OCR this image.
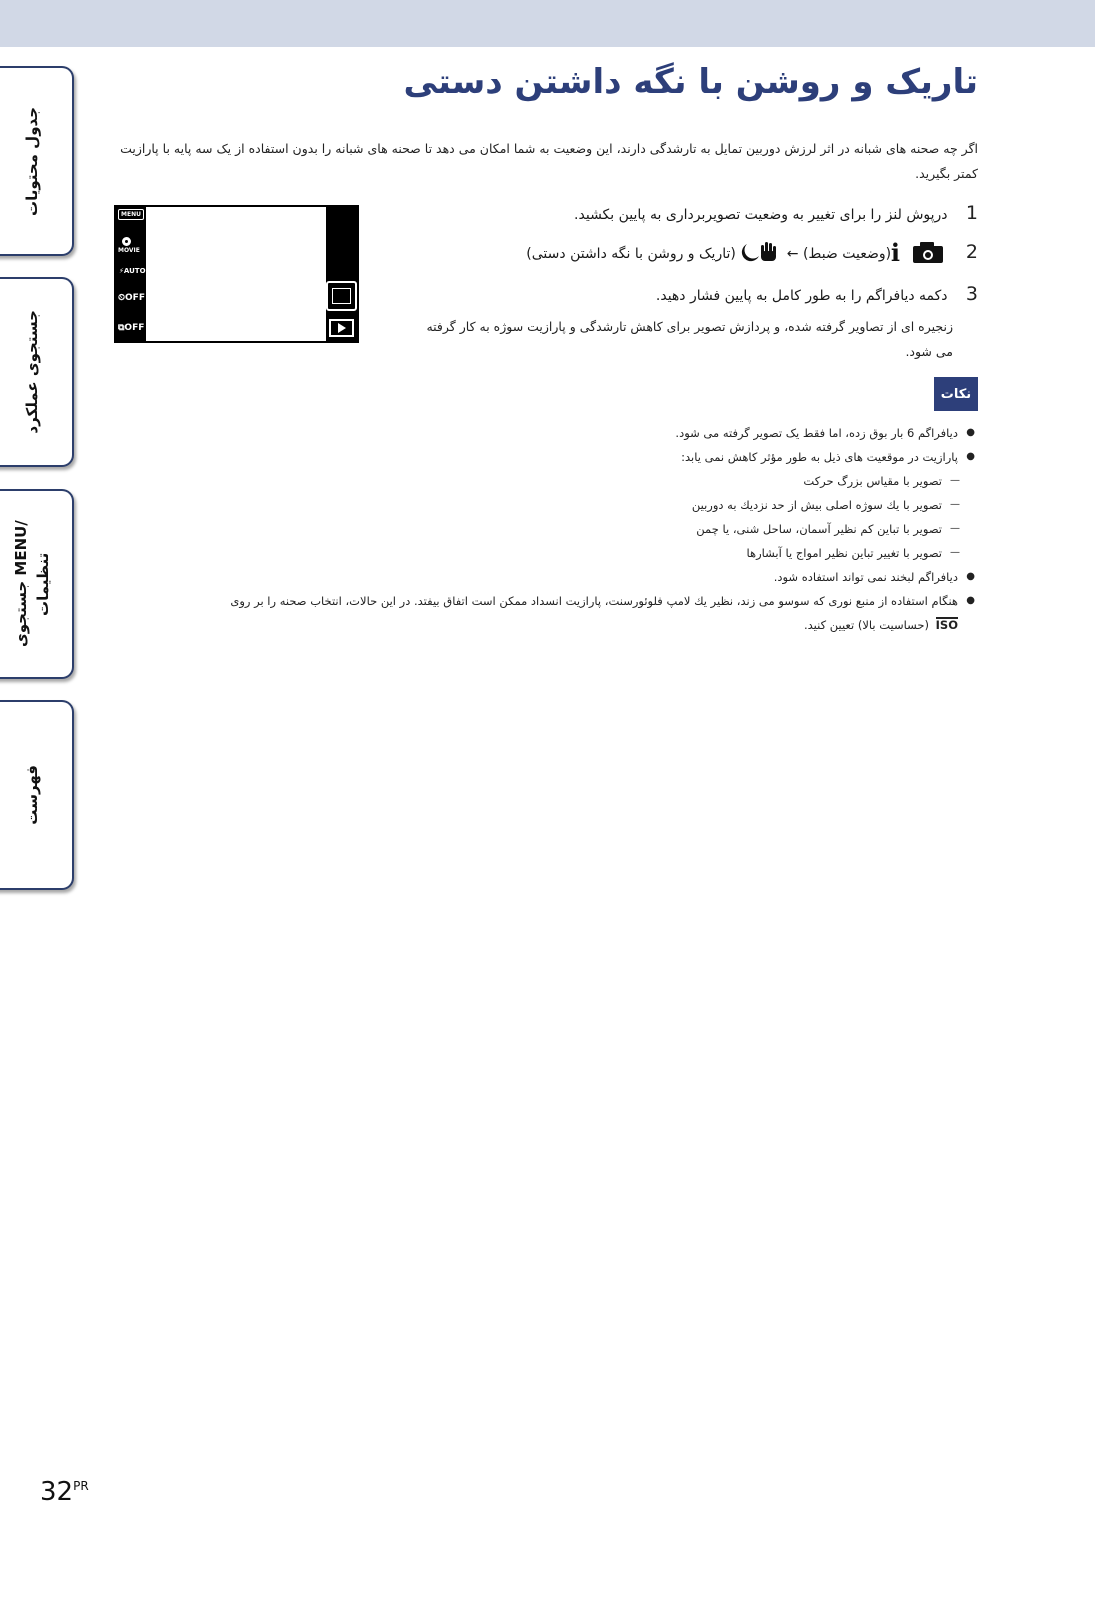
جدول محتویات
جستجوی عملکرد
جستجوی MENU/تنظیمات
فهرست
تاریک و روشن با نگه داشتن دستی
اگر چه صحنه های شبانه در اثر لرزش دوربین تمایل به تارشدگی دارند، این وضعیت به شما امکان می دهد تا صحنه های شبانه را بدون استفاده از یک سه پایه با پارازیت کمتر بگیرید.
MENU
MOVIE
⚡AUTO
⏲OFF
⧉OFF
1 درپوش لنز را برای تغییر به وضعیت تصویربرداری به پایین بکشید.
2
i
(وضعیت ضبط) ←  (تاریک و روشن با نگه داشتن دستی)
3 دکمه دیافراگم را به طور کامل به پایین فشار دهید.
زنجیره ای از تصاویر گرفته شده، و پردازش تصویر برای کاهش تارشدگی و پارازیت سوژه به کار گرفته می شود.
نکات
●
دیافراگم 6 بار بوق زده، اما فقط یک تصویر گرفته می شود.
●
پارازیت در موقعیت های ذیل به طور مؤثر کاهش نمی یابد:
—
تصویر با مقیاس بزرگ حرکت
—
تصویر با يك سوژه اصلی بیش از حد نزديك به دوربين
—
تصویر با تباين کم نظير آسمان، ساحل شنی، یا چمن
—
تصویر با تغيير تباين نظير امواج يا آبشارها
●
دیافراگم لبخند نمی تواند استفاده شود.
●
هنگام استفاده از منبع نوری که سوسو می زند، نظير يك لامپ فلوئورسنت، پارازيت انسداد ممكن است اتفاق بيفتد. در اين حالات، انتخاب صحنه را بر روی
ISO (حساسیت بالا) تعیین کنید.
$32^{PR}$
